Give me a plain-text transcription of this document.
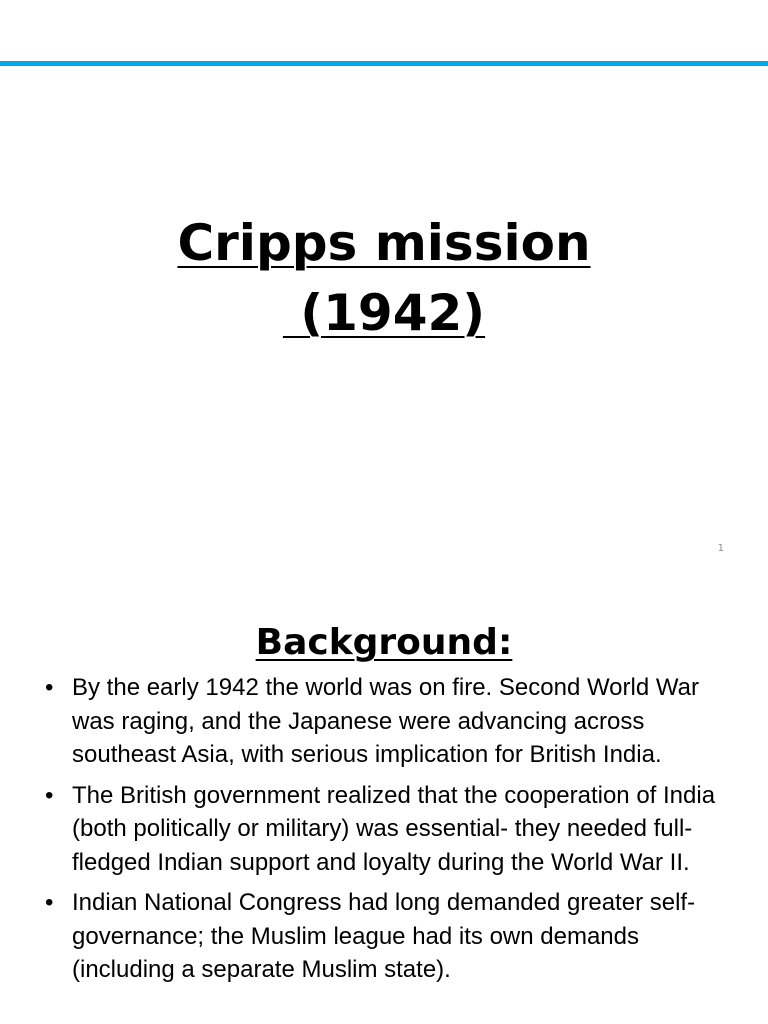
Cripps mission
(1942)
1
Background:
• By the early 1942 the world was on fire. Second World War was raging, and the Japanese were advancing across southeast Asia, with serious implication for British India.
• The British government realized that the cooperation of India (both politically or military) was essential- they needed full-fledged Indian support and loyalty during the World War II.
• Indian National Congress had long demanded greater self-governance; the Muslim league had its own demands (including a separate Muslim state).
